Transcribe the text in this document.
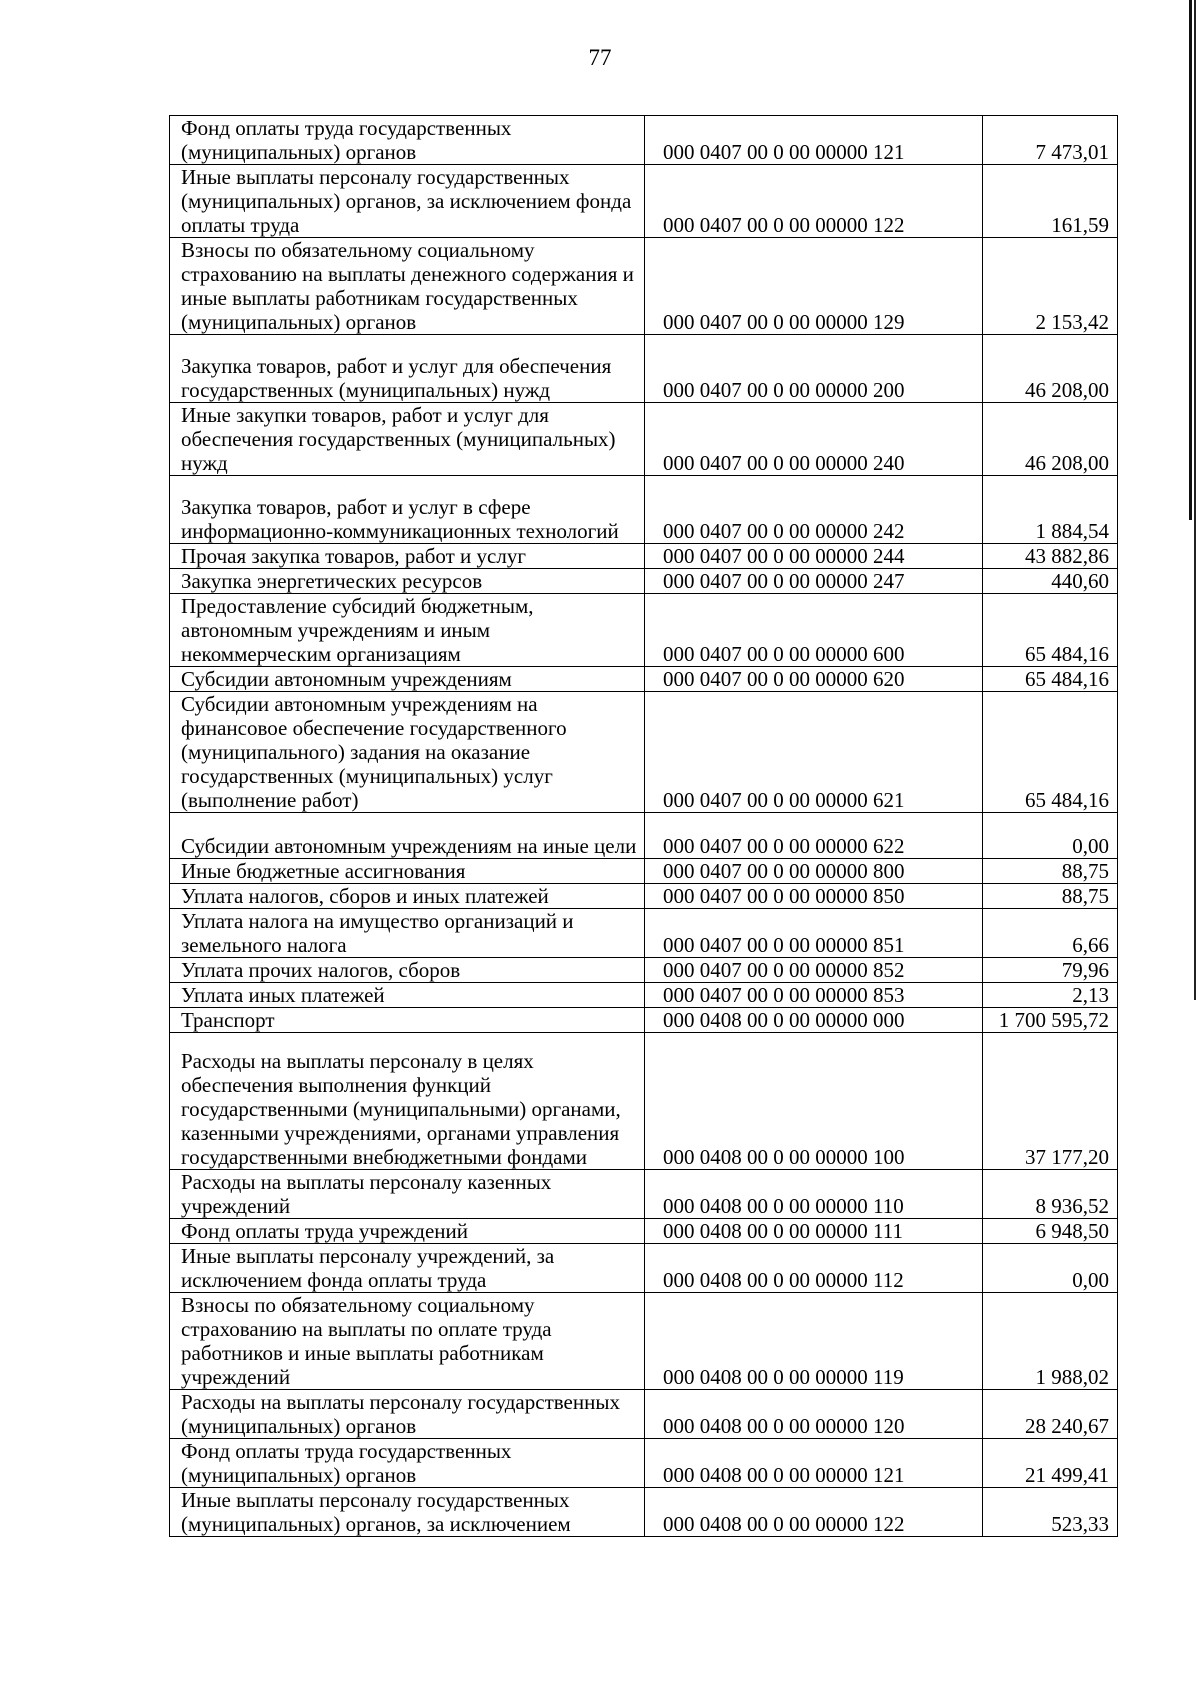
77
Фонд оплаты труда государственных (муниципальных) органов	000 0407 00 0 00 00000 121	7 473,01
Иные выплаты персоналу государственных (муниципальных) органов, за исключением фонда оплаты труда	000 0407 00 0 00 00000 122	161,59
Взносы по обязательному социальному страхованию на выплаты денежного содержания и иные выплаты работникам государственных (муниципальных) органов	000 0407 00 0 00 00000 129	2 153,42
Закупка товаров, работ и услуг для обеспечения государственных (муниципальных) нужд	000 0407 00 0 00 00000 200	46 208,00
Иные закупки товаров, работ и услуг для обеспечения государственных (муниципальных) нужд	000 0407 00 0 00 00000 240	46 208,00
Закупка товаров, работ и услуг в сфере информационно-коммуникационных технологий	000 0407 00 0 00 00000 242	1 884,54
Прочая закупка товаров, работ и услуг	000 0407 00 0 00 00000 244	43 882,86
Закупка энергетических ресурсов	000 0407 00 0 00 00000 247	440,60
Предоставление субсидий бюджетным, автономным учреждениям и иным некоммерческим организациям	000 0407 00 0 00 00000 600	65 484,16
Субсидии автономным учреждениям	000 0407 00 0 00 00000 620	65 484,16
Субсидии автономным учреждениям на финансовое обеспечение государственного (муниципального) задания на оказание государственных (муниципальных) услуг (выполнение работ)	000 0407 00 0 00 00000 621	65 484,16
Субсидии автономным учреждениям на иные цели	000 0407 00 0 00 00000 622	0,00
Иные бюджетные ассигнования	000 0407 00 0 00 00000 800	88,75
Уплата налогов, сборов и иных платежей	000 0407 00 0 00 00000 850	88,75
Уплата налога на имущество организаций и земельного налога	000 0407 00 0 00 00000 851	6,66
Уплата прочих налогов, сборов	000 0407 00 0 00 00000 852	79,96
Уплата иных платежей	000 0407 00 0 00 00000 853	2,13
Транспорт	000 0408 00 0 00 00000 000	1 700 595,72
Расходы на выплаты персоналу в целях обеспечения выполнения функций государственными (муниципальными) органами, казенными учреждениями, органами управления государственными внебюджетными фондами	000 0408 00 0 00 00000 100	37 177,20
Расходы на выплаты персоналу казенных учреждений	000 0408 00 0 00 00000 110	8 936,52
Фонд оплаты труда учреждений	000 0408 00 0 00 00000 111	6 948,50
Иные выплаты персоналу учреждений, за исключением фонда оплаты труда	000 0408 00 0 00 00000 112	0,00
Взносы по обязательному социальному страхованию на выплаты по оплате труда работников и иные выплаты работникам учреждений	000 0408 00 0 00 00000 119	1 988,02
Расходы на выплаты персоналу государственных (муниципальных) органов	000 0408 00 0 00 00000 120	28 240,67
Фонд оплаты труда государственных (муниципальных) органов	000 0408 00 0 00 00000 121	21 499,41
Иные выплаты персоналу государственных (муниципальных) органов, за исключением	000 0408 00 0 00 00000 122	523,33
